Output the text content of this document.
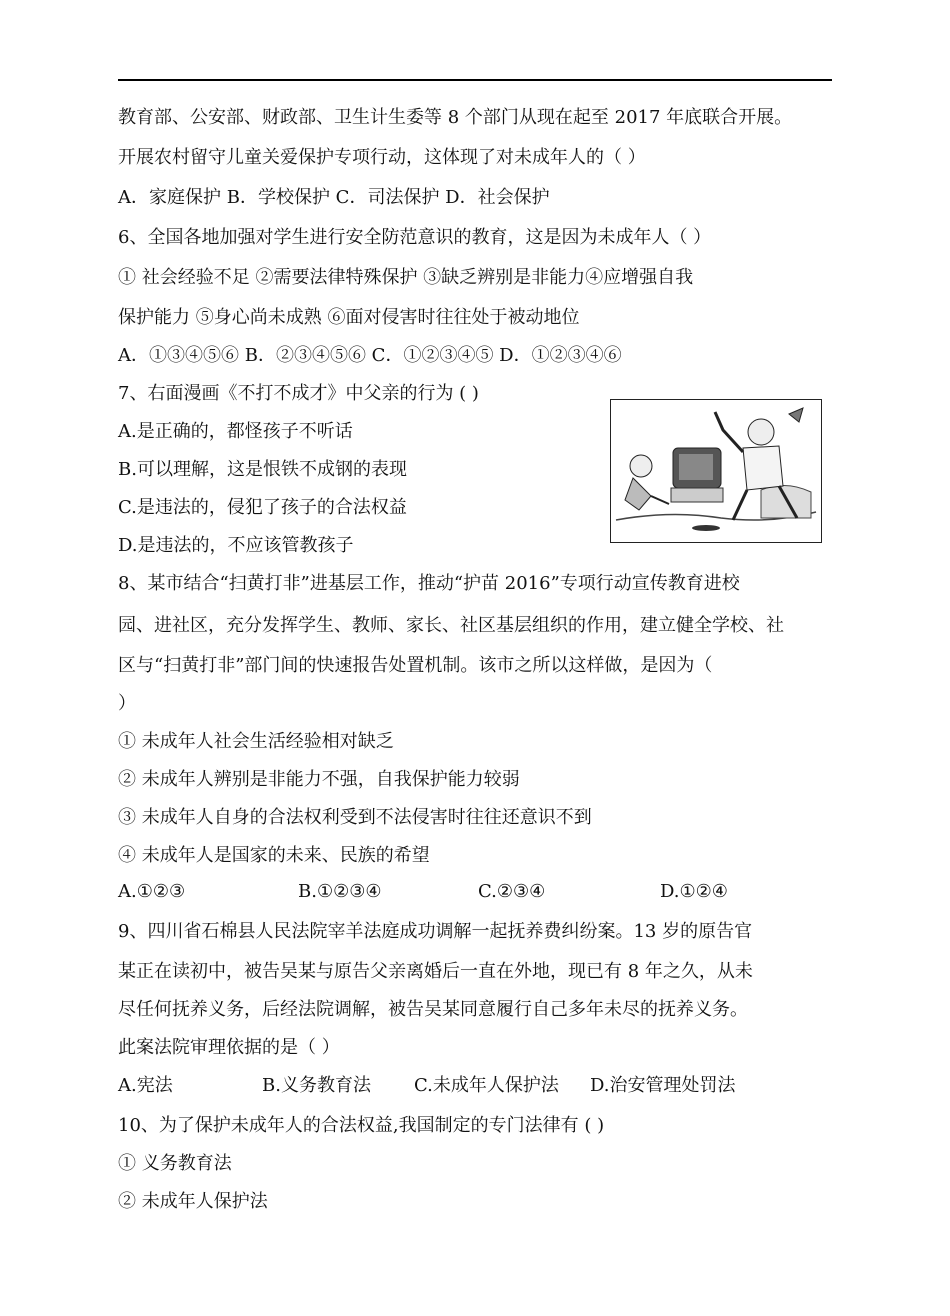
教育部、公安部、财政部、卫生计生委等 8 个部门从现在起至 2017 年底联合开展。
开展农村留守儿童关爱保护专项行动，这体现了对未成年人的（ ）
A．家庭保护 B．学校保护 C．司法保护 D．社会保护
6、全国各地加强对学生进行安全防范意识的教育，这是因为未成年人（ ）
① 社会经验不足 ②需要法律特殊保护 ③缺乏辨别是非能力④应增强自我
保护能力 ⑤身心尚未成熟 ⑥面对侵害时往往处于被动地位
A．①③④⑤⑥ B．②③④⑤⑥ C．①②③④⑤ D．①②③④⑥
7、右面漫画《不打不成才》中父亲的行为 ( )
A.是正确的，都怪孩子不听话
B.可以理解，这是恨铁不成钢的表现
C.是违法的，侵犯了孩子的合法权益
D.是违法的，不应该管教孩子
8、某市结合“扫黄打非”进基层工作，推动“护苗 2016”专项行动宣传教育进校
园、进社区，充分发挥学生、教师、家长、社区基层组织的作用，建立健全学校、社
区与“扫黄打非”部门间的快速报告处置机制。该市之所以这样做，是因为（
）
① 未成年人社会生活经验相对缺乏
② 未成年人辨别是非能力不强，自我保护能力较弱
③ 未成年人自身的合法权利受到不法侵害时往往还意识不到
④ 未成年人是国家的未来、民族的希望
A.①②③	B.①②③④	C.②③④	D.①②④
9、四川省石棉县人民法院宰羊法庭成功调解一起抚养费纠纷案。13 岁的原告官
某正在读初中，被告吴某与原告父亲离婚后一直在外地，现已有 8 年之久，从未
尽任何抚养义务，后经法院调解，被告吴某同意履行自己多年未尽的抚养义务。
此案法院审理依据的是（ ）
A.宪法	B.义务教育法 C.未成年人保护法 D.治安管理处罚法
10、为了保护未成年人的合法权益,我国制定的专门法律有 ( )
① 义务教育法
② 未成年人保护法
